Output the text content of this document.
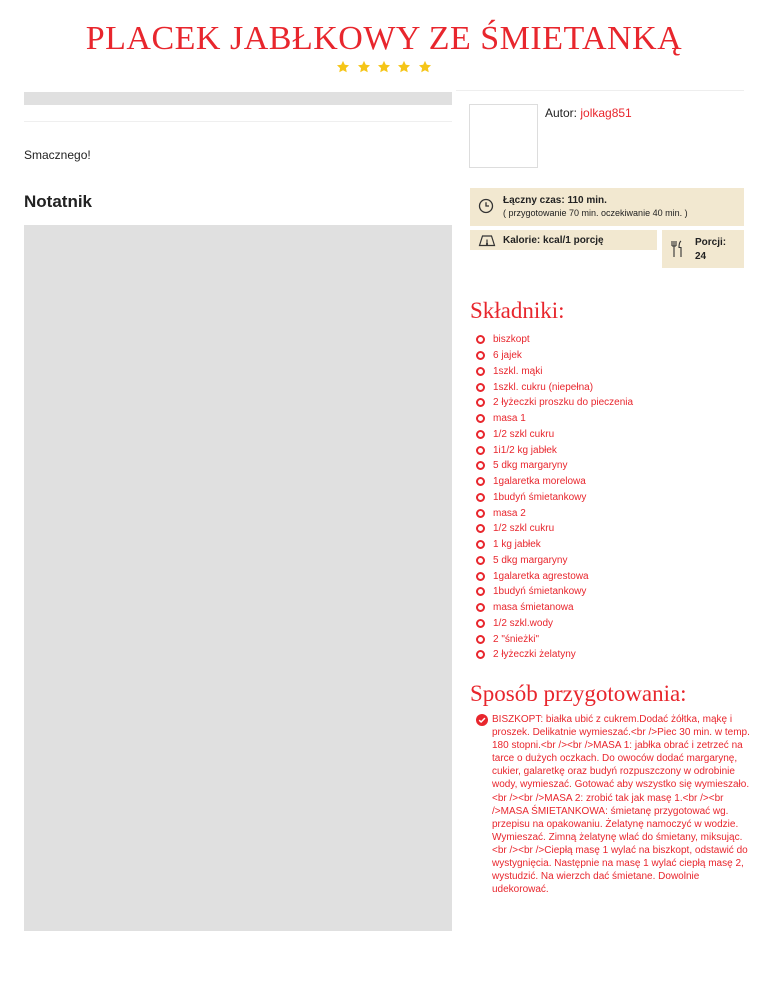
PLACEK JABŁKOWY ZE ŚMIETANKĄ

Smacznego!
Notatnik
Autor: jolkag851
Łączny czas: 110 min.
( przygotowanie 70 min. oczekiwanie 40 min. )
Kalorie: kcal/1 porcję	Porcji:
24
Składniki:
biszkopt
6 jajek
1szkl. mąki
1szkl. cukru (niepełna)
2 łyżeczki proszku do pieczenia
masa 1
1/2 szkl cukru
1i1/2 kg jabłek
5 dkg margaryny
1galaretka morelowa
1budyń śmietankowy
masa 2
1/2 szkl cukru
1 kg jabłek
5 dkg margaryny
1galaretka agrestowa
1budyń śmietankowy
masa śmietanowa
1/2 szkl.wody
2 "śnieżki"
2 łyżeczki żelatyny
Sposób przygotowania:
BISZKOPT: białka ubić z cukrem.Dodać żółtka, mąkę i proszek. Delikatnie wymieszać.<br />Piec 30 min. w temp. 180 stopni.<br /><br />MASA 1: jabłka obrać i zetrzeć na tarce o dużych oczkach. Do owoców dodać margarynę, cukier, galaretkę oraz budyń rozpuszczony w odrobinie wody, wymieszać. Gotować aby wszystko się wymieszało.<br /><br />MASA 2: zrobić tak jak masę 1.<br /><br />MASA ŚMIETANKOWA: śmietanę przygotować wg. przepisu na opakowaniu. Żelatynę namoczyć w wodzie. Wymieszać. Zimną żelatynę wlać do śmietany, miksując.<br /><br />Ciepłą masę 1 wylać na biszkopt, odstawić do wystygnięcia. Następnie na masę 1 wylać ciepłą masę 2, wystudzić. Na wierzch dać śmietane. Dowolnie udekorować.
